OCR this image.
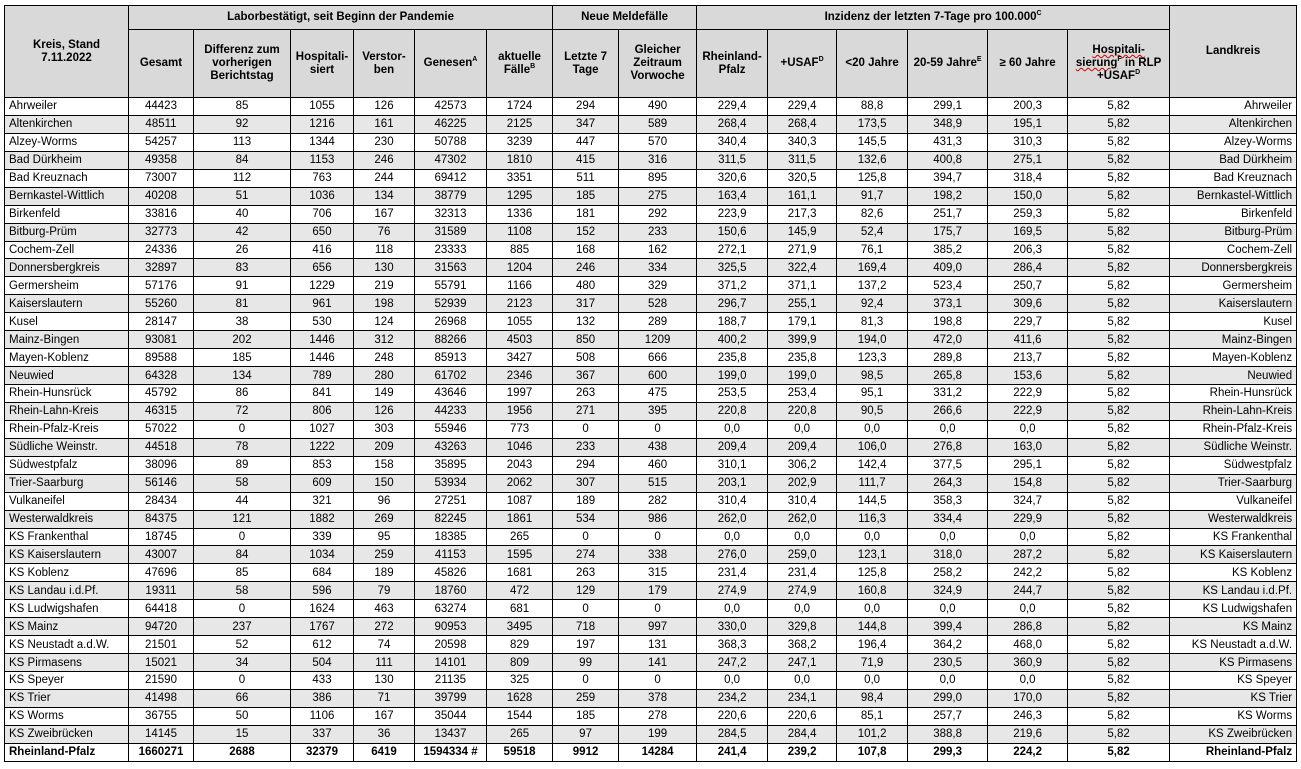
Kreis, Stand 7.11.2022	Laborbestätigt, seit Beginn der Pandemie						Neue Meldefälle		Inzidenz der letzten 7-Tage pro $100.000^C$						Landkreis
	Gesamt	Differenz zum vorherigen Berichtstag	Hospitali-siert	Verstor-ben	Genesen$^A$	aktuelle Fälle$^B$	Letzte 7 Tage	Gleicher Zeitraum Vorwoche	Rheinland-Pfalz	$+USAF^D$	<20 Jahre	20-59 Jahre$^E$	≥ 60 Jahre	Hospitali-sierung$^F$ in RLP $+USAF^D$
Ahrweiler	44423	85	1055	126	42573	1724	294	490	229,4	229,4	88,8	299,1	200,3	5,82	Ahrweiler
Altenkirchen	48511	92	1216	161	46225	2125	347	589	268,4	268,4	173,5	348,9	195,1	5,82	Altenkirchen
Alzey-Worms	54257	113	1344	230	50788	3239	447	570	340,4	340,3	145,5	431,3	310,3	5,82	Alzey-Worms
Bad Dürkheim	49358	84	1153	246	47302	1810	415	316	311,5	311,5	132,6	400,8	275,1	5,82	Bad Dürkheim
Bad Kreuznach	73007	112	763	244	69412	3351	511	895	320,6	320,5	125,8	394,7	318,4	5,82	Bad Kreuznach
Bernkastel-Wittlich	40208	51	1036	134	38779	1295	185	275	163,4	161,1	91,7	198,2	150,0	5,82	Bernkastel-Wittlich
Birkenfeld	33816	40	706	167	32313	1336	181	292	223,9	217,3	82,6	251,7	259,3	5,82	Birkenfeld
Bitburg-Prüm	32773	42	650	76	31589	1108	152	233	150,6	145,9	52,4	175,7	169,5	5,82	Bitburg-Prüm
Cochem-Zell	24336	26	416	118	23333	885	168	162	272,1	271,9	76,1	385,2	206,3	5,82	Cochem-Zell
Donnersbergkreis	32897	83	656	130	31563	1204	246	334	325,5	322,4	169,4	409,0	286,4	5,82	Donnersbergkreis
Germersheim	57176	91	1229	219	55791	1166	480	329	371,2	371,1	137,2	523,4	250,7	5,82	Germersheim
Kaiserslautern	55260	81	961	198	52939	2123	317	528	296,7	255,1	92,4	373,1	309,6	5,82	Kaiserslautern
Kusel	28147	38	530	124	26968	1055	132	289	188,7	179,1	81,3	198,8	229,7	5,82	Kusel
Mainz-Bingen	93081	202	1446	312	88266	4503	850	1209	400,2	399,9	194,0	472,0	411,6	5,82	Mainz-Bingen
Mayen-Koblenz	89588	185	1446	248	85913	3427	508	666	235,8	235,8	123,3	289,8	213,7	5,82	Mayen-Koblenz
Neuwied	64328	134	789	280	61702	2346	367	600	199,0	199,0	98,5	265,8	153,6	5,82	Neuwied
Rhein-Hunsrück	45792	86	841	149	43646	1997	263	475	253,5	253,4	95,1	331,2	222,9	5,82	Rhein-Hunsrück
Rhein-Lahn-Kreis	46315	72	806	126	44233	1956	271	395	220,8	220,8	90,5	266,6	222,9	5,82	Rhein-Lahn-Kreis
Rhein-Pfalz-Kreis	57022	0	1027	303	55946	773	0	0	0,0	0,0	0,0	0,0	0,0	5,82	Rhein-Pfalz-Kreis
Südliche Weinstr.	44518	78	1222	209	43263	1046	233	438	209,4	209,4	106,0	276,8	163,0	5,82	Südliche Weinstr.
Südwestpfalz	38096	89	853	158	35895	2043	294	460	310,1	306,2	142,4	377,5	295,1	5,82	Südwestpfalz
Trier-Saarburg	56146	58	609	150	53934	2062	307	515	203,1	202,9	111,7	264,3	154,8	5,82	Trier-Saarburg
Vulkaneifel	28434	44	321	96	27251	1087	189	282	310,4	310,4	144,5	358,3	324,7	5,82	Vulkaneifel
Westerwaldkreis	84375	121	1882	269	82245	1861	534	986	262,0	262,0	116,3	334,4	229,9	5,82	Westerwaldkreis
KS Frankenthal	18745	0	339	95	18385	265	0	0	0,0	0,0	0,0	0,0	0,0	5,82	KS Frankenthal
KS Kaiserslautern	43007	84	1034	259	41153	1595	274	338	276,0	259,0	123,1	318,0	287,2	5,82	KS Kaiserslautern
KS Koblenz	47696	85	684	189	45826	1681	263	315	231,4	231,4	125,8	258,2	242,2	5,82	KS Koblenz
KS Landau i.d.Pf.	19311	58	596	79	18760	472	129	179	274,9	274,9	160,8	324,9	244,7	5,82	KS Landau i.d.Pf.
KS Ludwigshafen	64418	0	1624	463	63274	681	0	0	0,0	0,0	0,0	0,0	0,0	5,82	KS Ludwigshafen
KS Mainz	94720	237	1767	272	90953	3495	718	997	330,0	329,8	144,8	399,4	286,8	5,82	KS Mainz
KS Neustadt a.d.W.	21501	52	612	74	20598	829	197	131	368,3	368,2	196,4	364,2	468,0	5,82	KS Neustadt a.d.W.
KS Pirmasens	15021	34	504	111	14101	809	99	141	247,2	247,1	71,9	230,5	360,9	5,82	KS Pirmasens
KS Speyer	21590	0	433	130	21135	325	0	0	0,0	0,0	0,0	0,0	0,0	5,82	KS Speyer
KS Trier	41498	66	386	71	39799	1628	259	378	234,2	234,1	98,4	299,0	170,0	5,82	KS Trier
KS Worms	36755	50	1106	167	35044	1544	185	278	220,6	220,6	85,1	257,7	246,3	5,82	KS Worms
KS Zweibrücken	14145	15	337	36	13437	265	97	199	284,5	284,4	101,2	388,8	219,6	5,82	KS Zweibrücken
Rheinland-Pfalz	1660271	2688	32379	6419	1594334 #	59518	9912	14284	241,4	239,2	107,8	299,3	224,2	5,82	Rheinland-Pfalz
